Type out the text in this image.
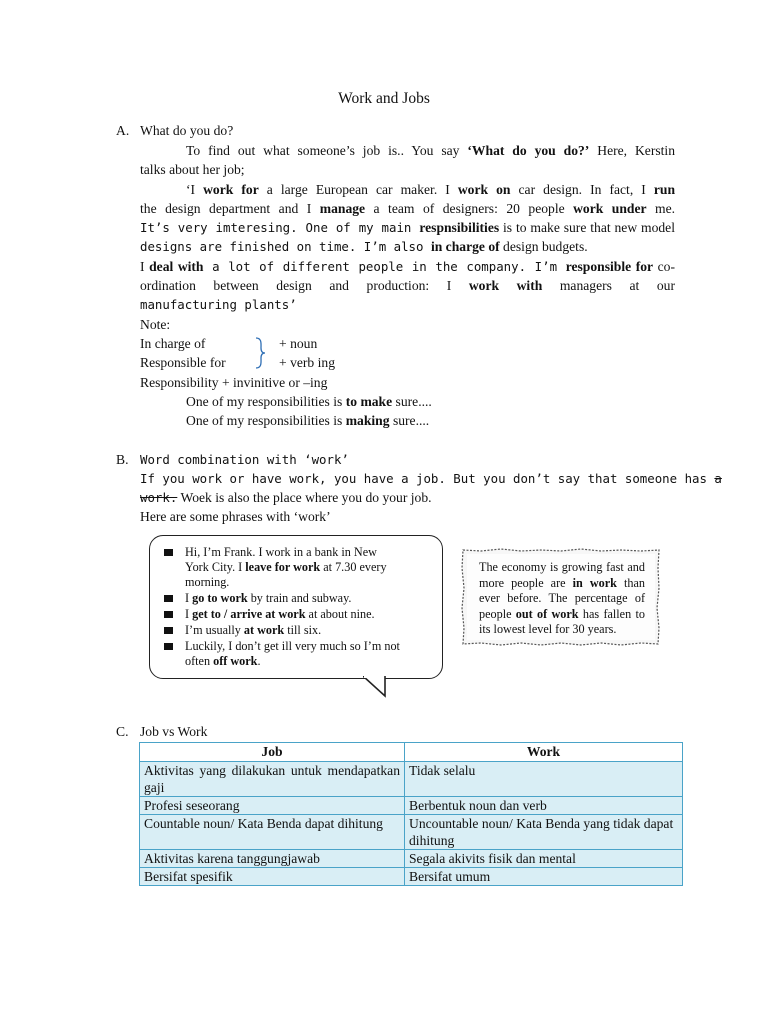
Work and Jobs
A. What do you do?
To find out what someone’s job is.. You say ‘What do you do?’ Here, Kerstin
talks about her job;
‘I work for a large European car maker. I work on car design. In fact, I run
the design department and I manage a team of designers: 20 people work under me.
It’s very imteresing. One of my main respnsibilities is to make sure that new model
designs are finished on time. I’m also in charge of design budgets.
I deal with a lot of different people in the company. I’m responsible for co-
ordination between design and production: I work with managers at our
manufacturing plants’
Note:
In charge of	+ noun
Responsible for	+ verb ing
Responsibility + invinitive or –ing
One of my responsibilities is to make sure....
One of my responsibilities is making sure....
B. Word combination with ‘work’
If you work or have work, you have a job. But you don’t say that someone has a
work. Woek is also the place where you do your job.
Here are some phrases with ‘work’
Hi, I’m Frank. I work in a bank in New
York City. I leave for work at 7.30 every
morning.
I go to work by train and subway.
I get to / arrive at work at about nine.
I’m usually at work till six.
Luckily, I don’t get ill very much so I’m not
often off work.
The economy is growing fast and more people are in work than ever before. The percentage of people out of work has fallen to its lowest level for 30 years.
C. Job vs Work
Job	Work
Aktivitas yang dilakukan untuk mendapatkan gaji	Tidak selalu
Profesi seseorang	Berbentuk noun dan verb
Countable noun/ Kata Benda dapat dihitung	Uncountable noun/ Kata Benda yang tidak dapat dihitung
Aktivitas karena tanggungjawab	Segala akivits fisik dan mental
Bersifat spesifik	Bersifat umum
